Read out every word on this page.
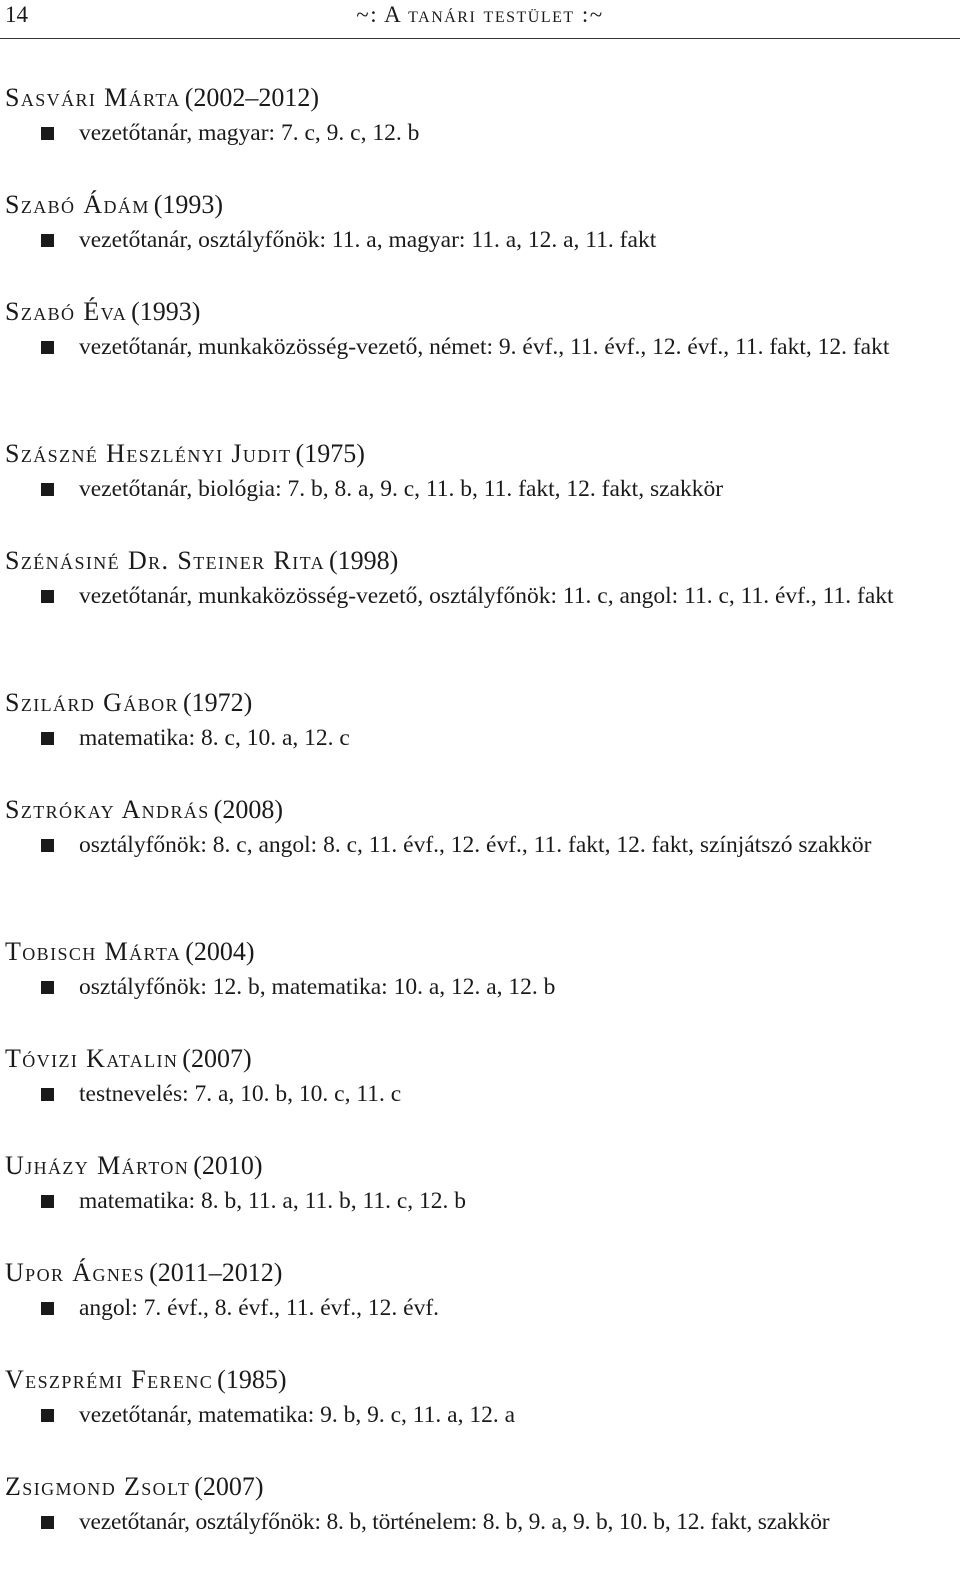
14	~: A tanári testület :~
Sasvári Márta (2002–2012)
vezetőtanár, magyar: 7. c, 9. c, 12. b
Szabó Ádám (1993)
vezetőtanár, osztályfőnök: 11. a, magyar: 11. a, 12. a, 11. fakt
Szabó Éva (1993)
vezetőtanár, munkaközösség-vezető, német: 9. évf., 11. évf., 12. évf., 11. fakt, 12. fakt
Szászné Heszlényi Judit (1975)
vezetőtanár, biológia: 7. b, 8. a, 9. c, 11. b, 11. fakt, 12. fakt, szakkör
Szénásiné Dr. Steiner Rita (1998)
vezetőtanár, munkaközösség-vezető, osztályfőnök: 11. c, angol: 11. c, 11. évf., 11. fakt
Szilárd Gábor (1972)
matematika: 8. c, 10. a, 12. c
Sztrókay András (2008)
osztályfőnök: 8. c, angol: 8. c, 11. évf., 12. évf., 11. fakt, 12. fakt, színjátszó szakkör
Tobisch Márta (2004)
osztályfőnök: 12. b, matematika: 10. a, 12. a, 12. b
Tóvizi Katalin (2007)
testnevelés: 7. a, 10. b, 10. c, 11. c
Ujházy Márton (2010)
matematika: 8. b, 11. a, 11. b, 11. c, 12. b
Upor Ágnes (2011–2012)
angol: 7. évf., 8. évf., 11. évf., 12. évf.
Veszprémi Ferenc (1985)
vezetőtanár, matematika: 9. b, 9. c, 11. a, 12. a
Zsigmond Zsolt (2007)
vezetőtanár, osztályfőnök: 8. b, történelem: 8. b, 9. a, 9. b, 10. b, 12. fakt, szakkör
